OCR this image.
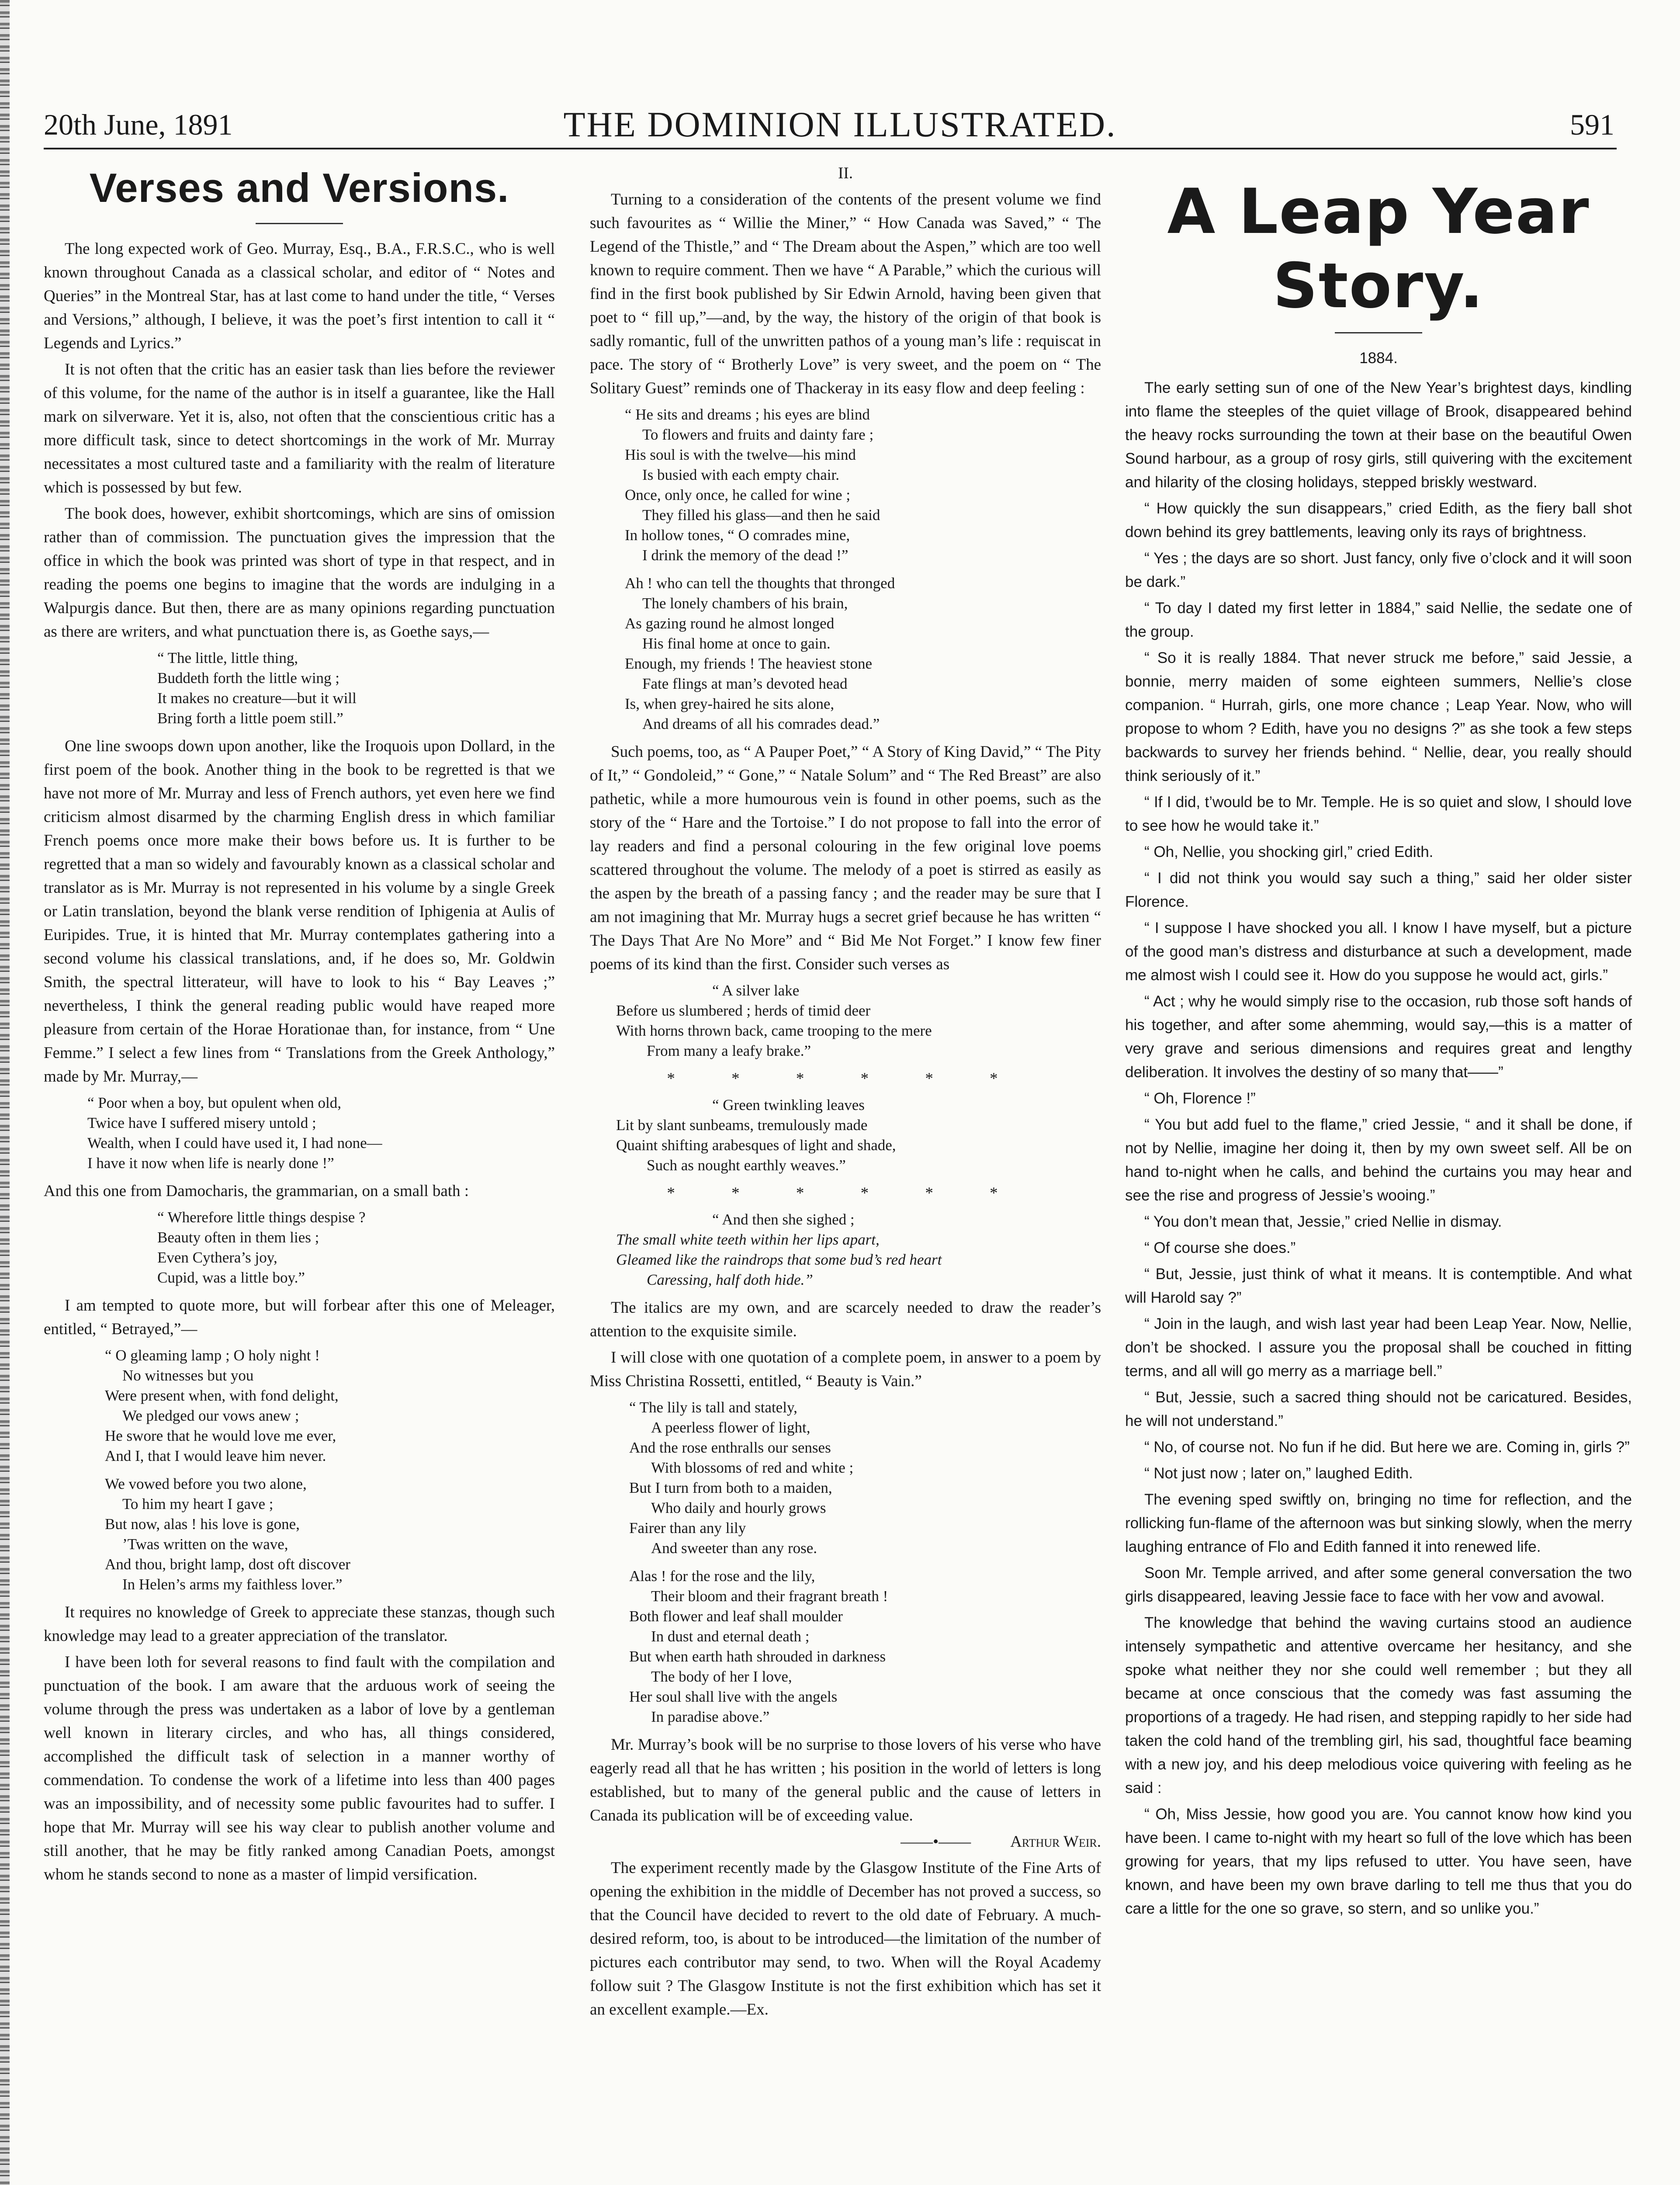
20th June, 1891	THE DOMINION ILLUSTRATED.	591
Verses and Versions.

The long expected work of Geo. Murray, Esq., B.A., F.R.S.C., who is well known throughout Canada as a classical scholar, and editor of “ Notes and Queries” in the Montreal Star, has at last come to hand under the title, “ Verses and Versions,” although, I believe, it was the poet’s first intention to call it “ Legends and Lyrics.”

It is not often that the critic has an easier task than lies before the reviewer of this volume, for the name of the author is in itself a guarantee, like the Hall mark on silverware. Yet it is, also, not often that the conscientious critic has a more difficult task, since to detect shortcomings in the work of Mr. Murray necessitates a most cultured taste and a familiarity with the realm of literature which is possessed by but few.

The book does, however, exhibit shortcomings, which are sins of omission rather than of commission. The punctuation gives the impression that the office in which the book was printed was short of type in that respect, and in reading the poems one begins to imagine that the words are indulging in a Walpurgis dance. But then, there are as many opinions regarding punctuation as there are writers, and what punctuation there is, as Goethe says,—

“ The little, little thing,
Buddeth forth the little wing ;
It makes no creature—but it will
Bring forth a little poem still.”

One line swoops down upon another, like the Iroquois upon Dollard, in the first poem of the book. Another thing in the book to be regretted is that we have not more of Mr. Murray and less of French authors, yet even here we find criticism almost disarmed by the charming English dress in which familiar French poems once more make their bows before us. It is further to be regretted that a man so widely and favourably known as a classical scholar and translator as is Mr. Murray is not represented in his volume by a single Greek or Latin translation, beyond the blank verse rendition of Iphigenia at Aulis of Euripides. True, it is hinted that Mr. Murray contemplates gathering into a second volume his classical translations, and, if he does so, Mr. Goldwin Smith, the spectral litterateur, will have to look to his “ Bay Leaves ;” nevertheless, I think the general reading public would have reaped more pleasure from certain of the Horae Horationae than, for instance, from “ Une Femme.” I select a few lines from “ Translations from the Greek Anthology,” made by Mr. Murray,—

“ Poor when a boy, but opulent when old,
Twice have I suffered misery untold ;
Wealth, when I could have used it, I had none—
I have it now when life is nearly done !”

And this one from Damocharis, the grammarian, on a small bath :

“ Wherefore little things despise ?
Beauty often in them lies ;
Even Cythera’s joy,
Cupid, was a little boy.”

I am tempted to quote more, but will forbear after this one of Meleager, entitled, “ Betrayed,”—

“ O gleaming lamp ; O holy night !
No witnesses but you
Were present when, with fond delight,
We pledged our vows anew ;
He swore that he would love me ever,
And I, that I would leave him never.
We vowed before you two alone,
To him my heart I gave ;
But now, alas ! his love is gone,
’Twas written on the wave,
And thou, bright lamp, dost oft discover
In Helen’s arms my faithless lover.”

It requires no knowledge of Greek to appreciate these stanzas, though such knowledge may lead to a greater appreciation of the translator.

I have been loth for several reasons to find fault with the compilation and punctuation of the book. I am aware that the arduous work of seeing the volume through the press was undertaken as a labor of love by a gentleman well known in literary circles, and who has, all things considered, accomplished the difficult task of selection in a manner worthy of commendation. To condense the work of a lifetime into less than 400 pages was an impossibility, and of necessity some public favourites had to suffer. I hope that Mr. Murray will see his way clear to publish another volume and still another, that he may be fitly ranked among Canadian Poets, amongst whom he stands second to none as a master of limpid versification.

II.

Turning to a consideration of the contents of the present volume we find such favourites as “ Willie the Miner,” “ How Canada was Saved,” “ The Legend of the Thistle,” and “ The Dream about the Aspen,” which are too well known to require comment. Then we have “ A Parable,” which the curious will find in the first book published by Sir Edwin Arnold, having been given that poet to “ fill up,”—and, by the way, the history of the origin of that book is sadly romantic, full of the unwritten pathos of a young man’s life : requiscat in pace. The story of “ Brotherly Love” is very sweet, and the poem on “ The Solitary Guest” reminds one of Thackeray in its easy flow and deep feeling :

“ He sits and dreams ; his eyes are blind
To flowers and fruits and dainty fare ;
His soul is with the twelve—his mind
Is busied with each empty chair.
Once, only once, he called for wine ;
They filled his glass—and then he said
In hollow tones, “ O comrades mine,
I drink the memory of the dead !”
Ah ! who can tell the thoughts that thronged
The lonely chambers of his brain,
As gazing round he almost longed
His final home at once to gain.
Enough, my friends ! The heaviest stone
Fate flings at man’s devoted head
Is, when grey-haired he sits alone,
And dreams of all his comrades dead.”

Such poems, too, as “ A Pauper Poet,” “ A Story of King David,” “ The Pity of It,” “ Gondoleid,” “ Gone,” “ Natale Solum” and “ The Red Breast” are also pathetic, while a more humourous vein is found in other poems, such as the story of the “ Hare and the Tortoise.” I do not propose to fall into the error of lay readers and find a personal colouring in the few original love poems scattered throughout the volume. The melody of a poet is stirred as easily as the aspen by the breath of a passing fancy ; and the reader may be sure that I am not imagining that Mr. Murray hugs a secret grief because he has written “ The Days That Are No More” and “ Bid Me Not Forget.” I know few finer poems of its kind than the first. Consider such verses as

“ A silver lake
Before us slumbered ; herds of timid deer
With horns thrown back, came trooping to the mere
From many a leafy brake.”
* * * * * *
“ Green twinkling leaves
Lit by slant sunbeams, tremulously made
Quaint shifting arabesques of light and shade,
Such as nought earthly weaves.”
* * * * * *
“ And then she sighed ;
The small white teeth within her lips apart,
Gleamed like the raindrops that some bud’s red heart
Caressing, half doth hide.”

The italics are my own, and are scarcely needed to draw the reader’s attention to the exquisite simile.

I will close with one quotation of a complete poem, in answer to a poem by Miss Christina Rossetti, entitled, “ Beauty is Vain.”

“ The lily is tall and stately,
A peerless flower of light,
And the rose enthralls our senses
With blossoms of red and white ;
But I turn from both to a maiden,
Who daily and hourly grows
Fairer than any lily
And sweeter than any rose.
Alas ! for the rose and the lily,
Their bloom and their fragrant breath !
Both flower and leaf shall moulder
In dust and eternal death ;
But when earth hath shrouded in darkness
The body of her I love,
Her soul shall live with the angels
In paradise above.”

Mr. Murray’s book will be no surprise to those lovers of his verse who have eagerly read all that he has written ; his position in the world of letters is long established, but to many of the general public and the cause of letters in Canada its publication will be of exceeding value.

——•—— Arthur Weir.

The experiment recently made by the Glasgow Institute of the Fine Arts of opening the exhibition in the middle of December has not proved a success, so that the Council have decided to revert to the old date of February. A much-desired reform, too, is about to be introduced—the limitation of the number of pictures each contributor may send, to two. When will the Royal Academy follow suit ? The Glasgow Institute is not the first exhibition which has set it an excellent example.—Ex.

A Leap Year Story.
1884.

The early setting sun of one of the New Year’s brightest days, kindling into flame the steeples of the quiet village of Brook, disappeared behind the heavy rocks surrounding the town at their base on the beautiful Owen Sound harbour, as a group of rosy girls, still quivering with the excitement and hilarity of the closing holidays, stepped briskly westward.

“ How quickly the sun disappears,” cried Edith, as the fiery ball shot down behind its grey battlements, leaving only its rays of brightness.

“ Yes ; the days are so short. Just fancy, only five o’clock and it will soon be dark.”

“ To day I dated my first letter in 1884,” said Nellie, the sedate one of the group.

“ So it is really 1884. That never struck me before,” said Jessie, a bonnie, merry maiden of some eighteen summers, Nellie’s close companion. “ Hurrah, girls, one more chance ; Leap Year. Now, who will propose to whom ? Edith, have you no designs ?” as she took a few steps backwards to survey her friends behind. “ Nellie, dear, you really should think seriously of it.”

“ If I did, t’would be to Mr. Temple. He is so quiet and slow, I should love to see how he would take it.”

“ Oh, Nellie, you shocking girl,” cried Edith.

“ I did not think you would say such a thing,” said her older sister Florence.

“ I suppose I have shocked you all. I know I have myself, but a picture of the good man’s distress and disturbance at such a development, made me almost wish I could see it. How do you suppose he would act, girls.”

“ Act ; why he would simply rise to the occasion, rub those soft hands of his together, and after some ahemming, would say,—this is a matter of very grave and serious dimensions and requires great and lengthy deliberation. It involves the destiny of so many that——”

“ Oh, Florence !”

“ You but add fuel to the flame,” cried Jessie, “ and it shall be done, if not by Nellie, imagine her doing it, then by my own sweet self. All be on hand to-night when he calls, and behind the curtains you may hear and see the rise and progress of Jessie’s wooing.”

“ You don’t mean that, Jessie,” cried Nellie in dismay.

“ Of course she does.”

“ But, Jessie, just think of what it means. It is contemptible. And what will Harold say ?”

“ Join in the laugh, and wish last year had been Leap Year. Now, Nellie, don’t be shocked. I assure you the proposal shall be couched in fitting terms, and all will go merry as a marriage bell.”

“ But, Jessie, such a sacred thing should not be caricatured. Besides, he will not understand.”

“ No, of course not. No fun if he did. But here we are. Coming in, girls ?”

“ Not just now ; later on,” laughed Edith.

The evening sped swiftly on, bringing no time for reflection, and the rollicking fun-flame of the afternoon was but sinking slowly, when the merry laughing entrance of Flo and Edith fanned it into renewed life.

Soon Mr. Temple arrived, and after some general conversation the two girls disappeared, leaving Jessie face to face with her vow and avowal.

The knowledge that behind the waving curtains stood an audience intensely sympathetic and attentive overcame her hesitancy, and she spoke what neither they nor she could well remember ; but they all became at once conscious that the comedy was fast assuming the proportions of a tragedy. He had risen, and stepping rapidly to her side had taken the cold hand of the trembling girl, his sad, thoughtful face beaming with a new joy, and his deep melodious voice quivering with feeling as he said :

“ Oh, Miss Jessie, how good you are. You cannot know how kind you have been. I came to-night with my heart so full of the love which has been growing for years, that my lips refused to utter. You have seen, have known, and have been my own brave darling to tell me thus that you do care a little for the one so grave, so stern, and so unlike you.”
